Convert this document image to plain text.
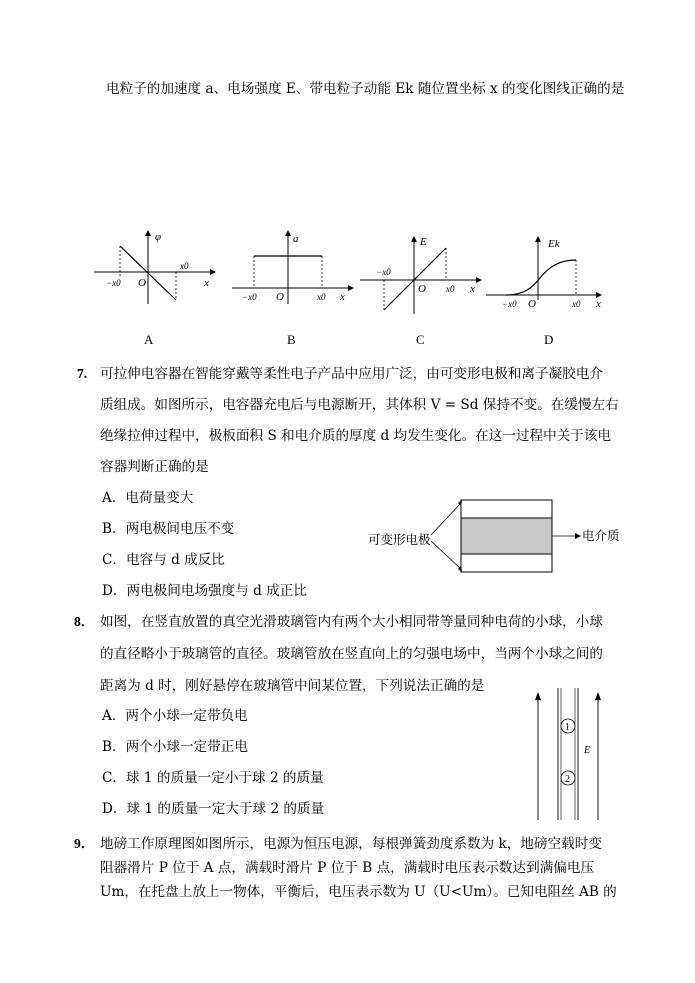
电粒子的加速度 a、电场强度 E、带电粒子动能 Ek 随位置坐标 x 的变化图线正确的是
φ
x0
−x0 O	x
A
a
−x0 O	x0 x
B
E
−x0
O x0 x
C
Ek
−x0 O	x0 x
D
7. 可拉伸电容器在智能穿戴等柔性电子产品中应用广泛，由可变形电极和离子凝胶电介
质组成。如图所示，电容器充电后与电源断开，其体积 V = Sd 保持不变。在缓慢左右
绝缘拉伸过程中，极板面积 S 和电介质的厚度 d 均发生变化。在这一过程中关于该电
容器判断正确的是
A．电荷量变大
B．两电极间电压不变
C．电容与 d 成反比
D．两电极间电场强度与 d 成正比
可变形电极	电介质
8． 如图，在竖直放置的真空光滑玻璃管内有两个大小相同带等量同种电荷的小球，小球
的直径略小于玻璃管的直径。玻璃管放在竖直向上的匀强电场中，当两个小球之间的
距离为 d 时，刚好悬停在玻璃管中间某位置，下列说法正确的是
A．两个小球一定带负电
B．两个小球一定带正电
C．球 1 的质量一定小于球 2 的质量
D．球 1 的质量一定大于球 2 的质量
1
2
E
9． 地磅工作原理图如图所示，电源为恒压电源，每根弹簧劲度系数为 k，地磅空载时变
阻器滑片 P 位于 A 点，满载时滑片 P 位于 B 点，满载时电压表示数达到满偏电压
Um，在托盘上放上一物体，平衡后，电压表示数为 U（U<Um）。已知电阻丝 AB 的
